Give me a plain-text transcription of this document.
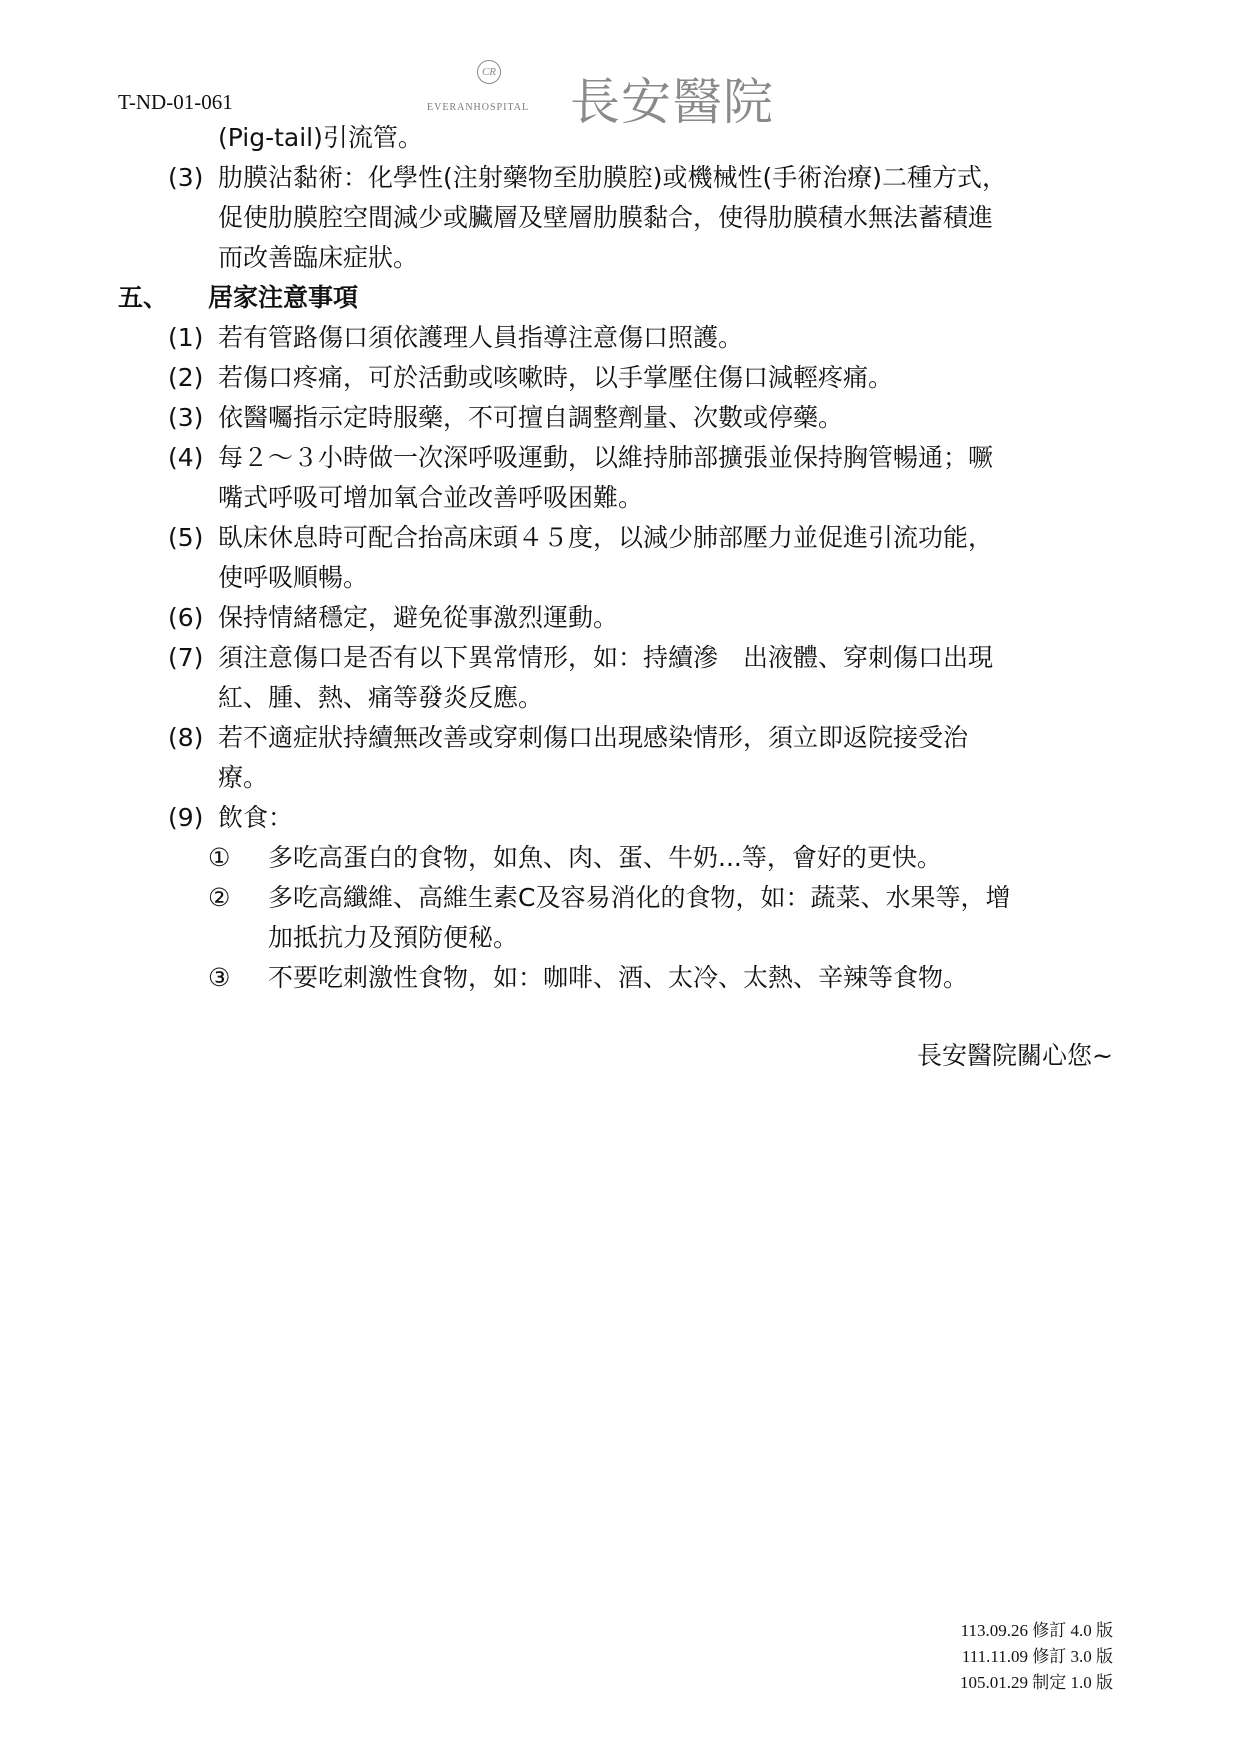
T-ND-01-061
CR
EVERANHOSPITAL 長安醫院
(Pig-tail)引流管。
(3) 肋膜沾黏術：化學性(注射藥物至肋膜腔)或機械性(手術治療)二種方式，
促使肋膜腔空間減少或臟層及壁層肋膜黏合，使得肋膜積水無法蓄積進
而改善臨床症狀。
五、 居家注意事項
(1) 若有管路傷口須依護理人員指導注意傷口照護。
(2) 若傷口疼痛，可於活動或咳嗽時，以手掌壓住傷口減輕疼痛。
(3) 依醫囑指示定時服藥，不可擅自調整劑量、次數或停藥。
(4) 每２～３小時做一次深呼吸運動，以維持肺部擴張並保持胸管暢通；噘
嘴式呼吸可增加氧合並改善呼吸困難。
(5) 臥床休息時可配合抬高床頭４５度，以減少肺部壓力並促進引流功能，
使呼吸順暢。
(6) 保持情緒穩定，避免從事激烈運動。
(7) 須注意傷口是否有以下異常情形，如：持續滲　出液體、穿刺傷口出現
紅、腫、熱、痛等發炎反應。
(8) 若不適症狀持續無改善或穿刺傷口出現感染情形，須立即返院接受治
療。
(9) 飲食：
① 多吃高蛋白的食物，如魚、肉、蛋、牛奶...等，會好的更快。
② 多吃高纖維、高維生素C及容易消化的食物，如：蔬菜、水果等，增
加抵抗力及預防便秘。
③ 不要吃刺激性食物，如：咖啡、酒、太冷、太熱、辛辣等食物。
長安醫院關心您~
113.09.26 修訂 4.0 版
111.11.09 修訂 3.0 版
105.01.29 制定 1.0 版
